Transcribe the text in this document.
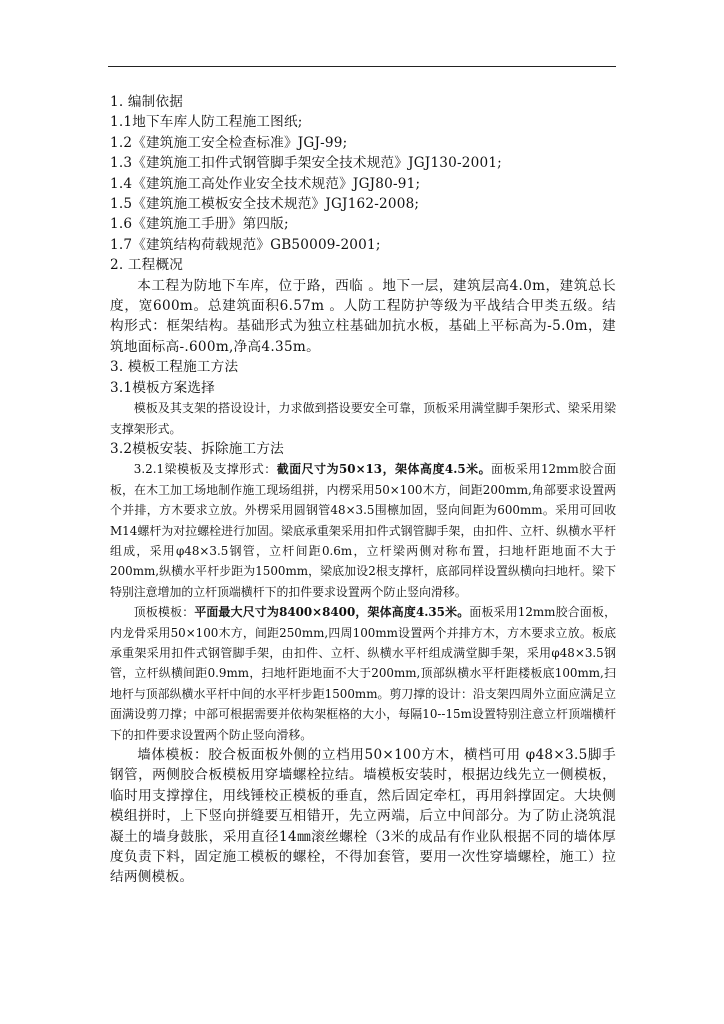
1. 编制依据
1.1地下车库人防工程施工图纸;
1.2《建筑施工安全检查标准》JGJ-99;
1.3《建筑施工扣件式钢管脚手架安全技术规范》JGJ130-2001;
1.4《建筑施工高处作业安全技术规范》JGJ80-91;
1.5《建筑施工模板安全技术规范》JGJ162-2008;
1.6《建筑施工手册》第四版;
1.7《建筑结构荷载规范》GB50009-2001;
2. 工程概况
本工程为防地下车库，位于路，西临 。地下一层，建筑层高4.0m，建筑总长度，宽600m。总建筑面积6.57m 。人防工程防护等级为平战结合甲类五级。结构形式：框架结构。基础形式为独立柱基础加抗水板，基础上平标高为-5.0m，建筑地面标高-.600m,净高4.35m。
3. 模板工程施工方法
3.1模板方案选择
模板及其支架的搭设设计，力求做到搭设要安全可靠，顶板采用满堂脚手架形式、梁采用梁支撑架形式。
3.2模板安装、拆除施工方法
3.2.1梁模板及支撑形式：截面尺寸为50×13，架体高度4.5米。面板采用12mm胶合面板，在木工加工场地制作施工现场组拼，内楞采用50×100木方，间距200mm,角部要求设置两个并排，方木要求立放。外楞采用圆钢管48×3.5围檩加固，竖向间距为600mm。采用可回收M14螺杆为对拉螺栓进行加固。梁底承重架采用扣件式钢管脚手架，由扣件、立杆、纵横水平杆组成，采用φ48×3.5钢管，立杆间距0.6m，立杆梁两侧对称布置，扫地杆距地面不大于200mm,纵横水平杆步距为1500mm，梁底加设2根支撑杆，底部同样设置纵横向扫地杆。梁下特别注意增加的立杆顶端横杆下的扣件要求设置两个防止竖向滑移。
顶板模板：平面最大尺寸为8400×8400，架体高度4.35米。面板采用12mm胶合面板，内龙骨采用50×100木方，间距250mm,四周100mm设置两个并排方木，方木要求立放。板底承重架采用扣件式钢管脚手架，由扣件、立杆、纵横水平杆组成满堂脚手架，采用φ48×3.5钢管，立杆纵横间距0.9mm，扫地杆距地面不大于200mm,顶部纵横水平杆距楼板底100mm,扫地杆与顶部纵横水平杆中间的水平杆步距1500mm。剪刀撑的设计：沿支架四周外立面应满足立面满设剪刀撑；中部可根据需要并依构架框格的大小，每隔10--15m设置特别注意立杆顶端横杆下的扣件要求设置两个防止竖向滑移。
墙体模板：胶合板面板外侧的立档用50×100方木，横档可用 φ48×3.5脚手钢管，两侧胶合板模板用穿墙螺栓拉结。墙模板安装时，根据边线先立一侧模板，临时用支撑撑住，用线锤校正模板的垂直，然后固定牵杠，再用斜撑固定。大块侧模组拼时，上下竖向拼缝要互相错开，先立两端，后立中间部分。为了防止浇筑混凝土的墙身鼓胀，采用直径14㎜滚丝螺栓（3米的成品有作业队根据不同的墙体厚度负责下料，固定施工模板的螺栓，不得加套管，要用一次性穿墙螺栓，施工）拉结两侧模板。
